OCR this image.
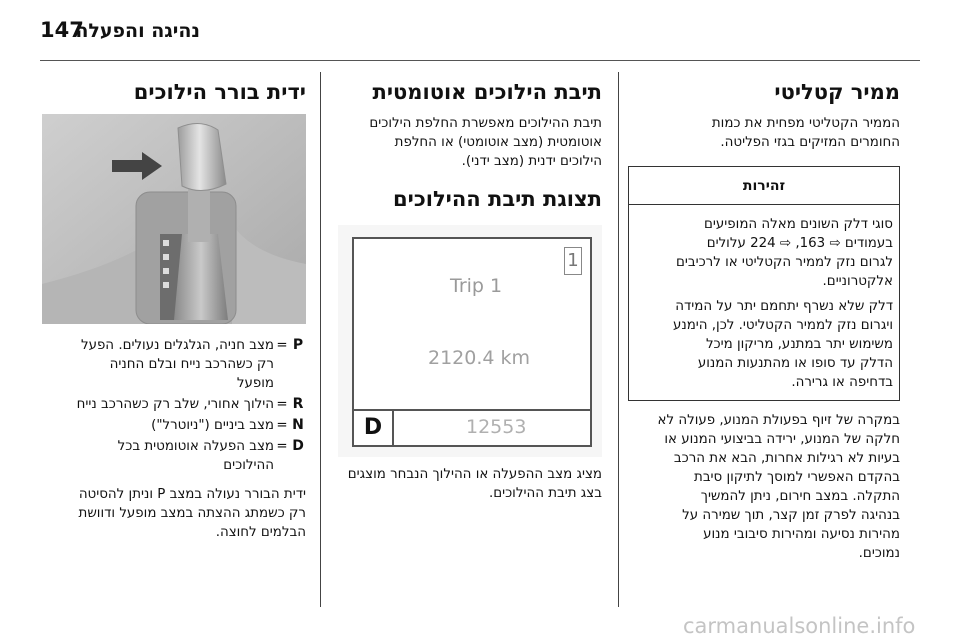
נהיגה והפעלה
147
ממיר קטליטי

הממיר הקטליטי מפחית את כמות
החומרים המזיקים בגזי הפליטה.

זהירות

סוגי דלק השונים מאלה המופיעים
בעמודים ⇨ 163, ⇨ 224 עלולים
לגרום נזק לממיר הקטליטי או לרכיבים
אלקטרוניים.

דלק שלא נשרף יתחמם יתר על המידה
ויגרום נזק לממיר הקטליטי. לכן, הימנע
משימוש יתר במתנע, מריקון מיכל
הדלק עד סופו או מהתנעות המנוע
בדחיפה או גרירה.

במקרה של זיוף בפעולת המנוע, פעולה לא
חלקה של המנוע, ירידה בביצועי המנוע או
בעיות לא רגילות אחרות, הבא את הרכב
בהקדם האפשרי למוסך לתיקון סיבת
התקלה. במצב חירום, ניתן להמשיך
בנהיגה לפרק זמן קצר, תוך שמירה על
מהירות נסיעה ומהירות סיבובי מנוע
נמוכים.

תיבת הילוכים אוטומטית

תיבת ההילוכים מאפשרת החלפת הילוכים
אוטומטית (מצב אוטומטי) או החלפת
הילוכים ידנית (מצב ידני).

תצוגת תיבת ההילוכים
1
Trip 1
2120.4 km
D	12553

מציג מצב ההפעלה או ההילוך הנבחר מוצגים
בצג תיבת ההילוכים.

ידית בורר הילוכים
P
=
מצב חניה, הגלגלים נעולים. הפעל
רק כשהרכב נייח ובלם החניה
מופעל
R
=
הילוך אחורי, שלב רק כשהרכב נייח
N
=
מצב ביניים ("ניוטרל")
D
=
מצב הפעלה אוטומטית בכל
ההילוכים

ידית הבורר נעולה במצב P וניתן להסיטה
רק כשמתג ההצתה במצב מופעל ודוושת
הבלמים לחוצה.

carmanualsonline.info
